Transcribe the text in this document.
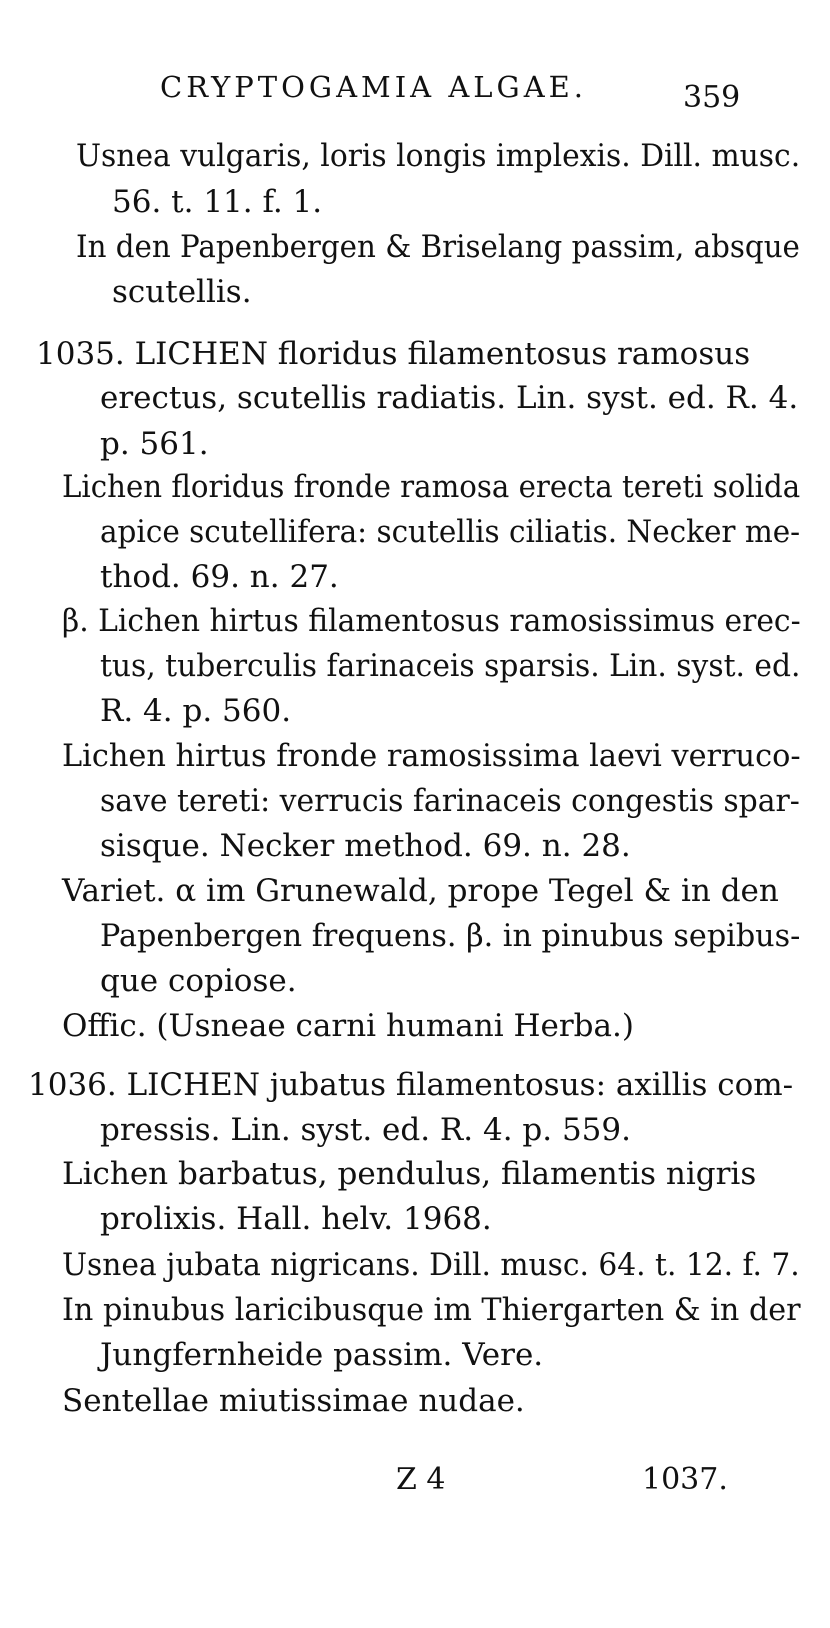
CRYPTOGAMIA ALGAE.	359
Usnea vulgaris, loris longis implexis. Dill. musc.
56. t. 11. f. 1.
In den Papenbergen & Briselang passim, absque
scutellis.
1035. LICHEN floridus filamentosus ramosus
erectus, scutellis radiatis. Lin. syst. ed. R. 4.
p. 561.
Lichen floridus fronde ramosa erecta tereti solida
apice scutellifera: scutellis ciliatis. Necker me-
thod. 69. n. 27.
β. Lichen hirtus filamentosus ramosissimus erec-
tus, tuberculis farinaceis sparsis. Lin. syst. ed.
R. 4. p. 560.
Lichen hirtus fronde ramosissima laevi verruco-
save tereti: verrucis farinaceis congestis spar-
sisque. Necker method. 69. n. 28.
Variet. α im Grunewald, prope Tegel & in den
Papenbergen frequens. β. in pinubus sepibus-
que copiose.
Offic. (Usneae carni humani Herba.)
1036. LICHEN jubatus filamentosus: axillis com-
pressis. Lin. syst. ed. R. 4. p. 559.
Lichen barbatus, pendulus, filamentis nigris
prolixis. Hall. helv. 1968.
Usnea jubata nigricans. Dill. musc. 64. t. 12. f. 7.
In pinubus laricibusque im Thiergarten & in der
Jungfernheide passim. Vere.
Sentellae miutissimae nudae.
Z 4	1037.
